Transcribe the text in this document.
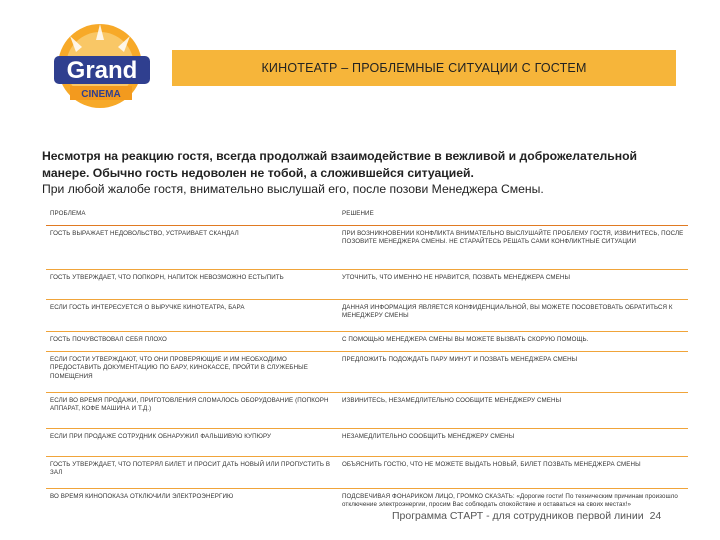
Grand
CINEMA
КИНОТЕАТР – ПРОБЛЕМНЫЕ СИТУАЦИИ С ГОСТЕМ
Несмотря на реакцию гостя, всегда продолжай взаимодействие в вежливой и доброжелательной манере. Обычно гость недоволен не тобой, а сложившейся ситуацией.
При любой жалобе гостя, внимательно выслушай его, после позови Менеджера Смены.
ПРОБЛЕМА	РЕШЕНИЕ
ГОСТЬ ВЫРАЖАЕТ НЕДОВОЛЬСТВО, УСТРАИВАЕТ СКАНДАЛ	ПРИ ВОЗНИКНОВЕНИИ КОНФЛИКТА ВНИМАТЕЛЬНО ВЫСЛУШАЙТЕ ПРОБЛЕМУ ГОСТЯ, ИЗВИНИТЕСЬ, ПОСЛЕ ПОЗОВИТЕ МЕНЕДЖЕРА СМЕНЫ. НЕ СТАРАЙТЕСЬ РЕШАТЬ САМИ КОНФЛИКТНЫЕ СИТУАЦИИ
ГОСТЬ УТВЕРЖДАЕТ, ЧТО ПОПКОРН, НАПИТОК НЕВОЗМОЖНО ЕСТЬ/ПИТЬ	УТОЧНИТЬ, ЧТО ИМЕННО НЕ НРАВИТСЯ, ПОЗВАТЬ МЕНЕДЖЕРА СМЕНЫ
ЕСЛИ ГОСТЬ ИНТЕРЕСУЕТСЯ О ВЫРУЧКЕ КИНОТЕАТРА, БАРА	ДАННАЯ ИНФОРМАЦИЯ ЯВЛЯЕТСЯ КОНФИДЕНЦИАЛЬНОЙ, ВЫ МОЖЕТЕ ПОСОВЕТОВАТЬ ОБРАТИТЬСЯ К МЕНЕДЖЕРУ СМЕНЫ
ГОСТЬ ПОЧУВСТВОВАЛ СЕБЯ ПЛОХО	С ПОМОЩЬЮ МЕНЕДЖЕРА СМЕНЫ ВЫ МОЖЕТЕ ВЫЗВАТЬ СКОРУЮ ПОМОЩЬ.
ЕСЛИ ГОСТИ УТВЕРЖДАЮТ, ЧТО ОНИ ПРОВЕРЯЮЩИЕ И ИМ НЕОБХОДИМО ПРЕДОСТАВИТЬ ДОКУМЕНТАЦИЮ ПО БАРУ, КИНОКАССЕ, ПРОЙТИ В СЛУЖЕБНЫЕ ПОМЕЩЕНИЯ	ПРЕДЛОЖИТЬ ПОДОЖДАТЬ ПАРУ МИНУТ И ПОЗВАТЬ МЕНЕДЖЕРА СМЕНЫ
ЕСЛИ ВО ВРЕМЯ ПРОДАЖИ, ПРИГОТОВЛЕНИЯ СЛОМАЛОСЬ ОБОРУДОВАНИЕ (ПОПКОРН АППАРАТ, КОФЕ МАШИНА И Т.Д.)	ИЗВИНИТЕСЬ, НЕЗАМЕДЛИТЕЛЬНО СООБЩИТЕ МЕНЕДЖЕРУ СМЕНЫ
ЕСЛИ ПРИ ПРОДАЖЕ СОТРУДНИК ОБНАРУЖИЛ ФАЛЬШИВУЮ КУПЮРУ	НЕЗАМЕДЛИТЕЛЬНО СООБЩИТЬ МЕНЕДЖЕРУ СМЕНЫ
ГОСТЬ УТВЕРЖДАЕТ, ЧТО ПОТЕРЯЛ БИЛЕТ И ПРОСИТ ДАТЬ НОВЫЙ ИЛИ ПРОПУСТИТЬ В ЗАЛ	ОБЪЯСНИТЬ ГОСТЮ, ЧТО НЕ МОЖЕТЕ ВЫДАТЬ НОВЫЙ, БИЛЕТ ПОЗВАТЬ МЕНЕДЖЕРА СМЕНЫ
ВО ВРЕМЯ КИНОПОКАЗА ОТКЛЮЧИЛИ ЭЛЕКТРОЭНЕРГИЮ	ПОДСВЕЧИВАЯ ФОНАРИКОМ ЛИЦО, ГРОМКО СКАЗАТЬ: «Дорогие гости! По техническим причинам произошло отключение электроэнергии, просим Вас соблюдать спокойствие и оставаться на своих местах!»
Программа СТАРТ - для сотрудников первой линии 24
